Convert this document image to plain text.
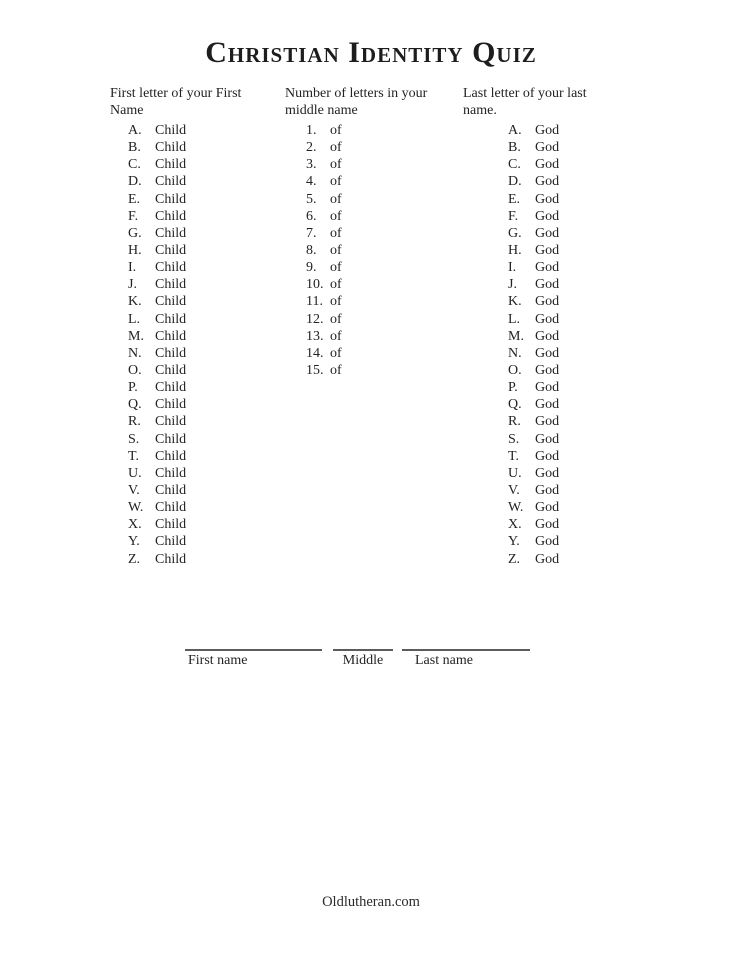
Christian Identity Quiz
First letter of your First
Name
A. Child
B.	Child
C.	Child
D. Child
E.	Child
F.	Child
G. Child
H. Child
I.	Child
J.	Child
K. Child
L.	Child
M. Child
N. Child
O. Child
P.	Child
Q. Child
R.	Child
S.	Child
T.	Child
U. Child
V.	Child
W. Child
X. Child
Y.	Child
Z.	Child
Number of letters in your
middle name
1. of
2. of
3. of
4. of
5. of
6. of
7. of
8. of
9. of
10. of
11. of
12. of
13. of
14. of
15. of
Last letter of your last
name.
A. God
B.	God
C.	God
D. God
E.	God
F.	God
G. God
H. God
I.	God
J.	God
K. God
L.	God
M. God
N. God
O. God
P.	God
Q. God
R.	God
S.	God
T.	God
U. God
V.	God
W. God
X. God
Y.	God
Z.	God
First name	Middle	Last name
Oldlutheran.com
